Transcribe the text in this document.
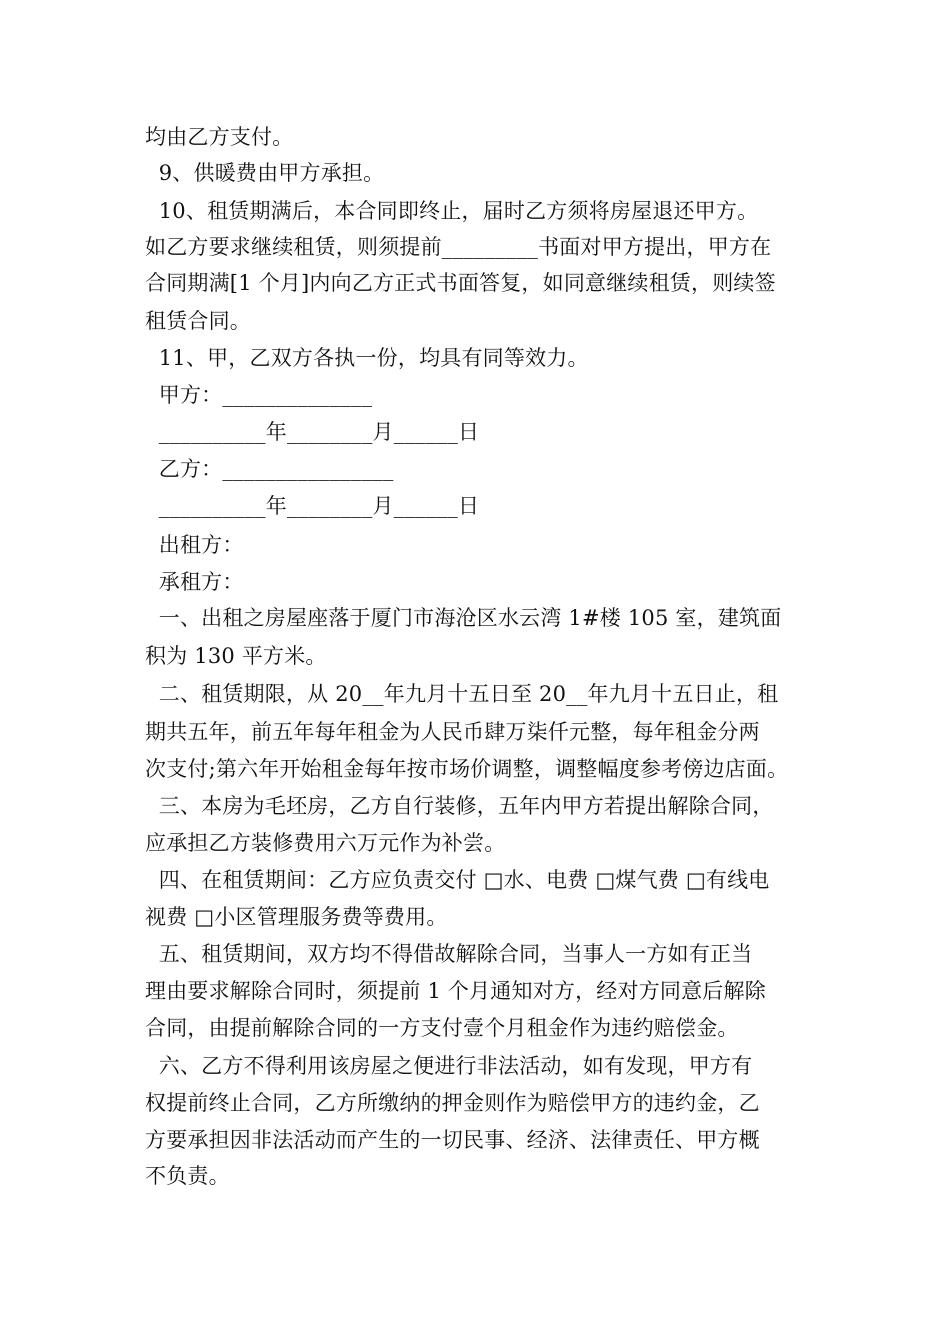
均由乙方支付。
9、供暖费由甲方承担。
10、租赁期满后，本合同即终止，届时乙方须将房屋退还甲方。
如乙方要求继续租赁，则须提前_________书面对甲方提出，甲方在
合同期满[1 个月]内向乙方正式书面答复，如同意继续租赁，则续签
租赁合同。
11、甲，乙双方各执一份，均具有同等效力。
甲方：______________
__________年________月______日
乙方：________________
__________年________月______日
出租方：
承租方：
一、出租之房屋座落于厦门市海沧区水云湾 1#楼 105 室，建筑面
积为 130 平方米。
二、租赁期限，从 20__年九月十五日至 20__年九月十五日止，租
期共五年，前五年每年租金为人民币肆万柒仟元整，每年租金分两
次支付;第六年开始租金每年按市场价调整，调整幅度参考傍边店面。
三、本房为毛坯房，乙方自行装修，五年内甲方若提出解除合同，
应承担乙方装修费用六万元作为补尝。
四、在租赁期间：乙方应负责交付 □水、电费 □煤气费 □有线电
视费 □小区管理服务费等费用。
五、租赁期间，双方均不得借故解除合同，当事人一方如有正当
理由要求解除合同时，须提前 1 个月通知对方，经对方同意后解除
合同，由提前解除合同的一方支付壹个月租金作为违约赔偿金。
六、乙方不得利用该房屋之便进行非法活动，如有发现，甲方有
权提前终止合同，乙方所缴纳的押金则作为赔偿甲方的违约金，乙
方要承担因非法活动而产生的一切民事、经济、法律责任、甲方概
不负责。
